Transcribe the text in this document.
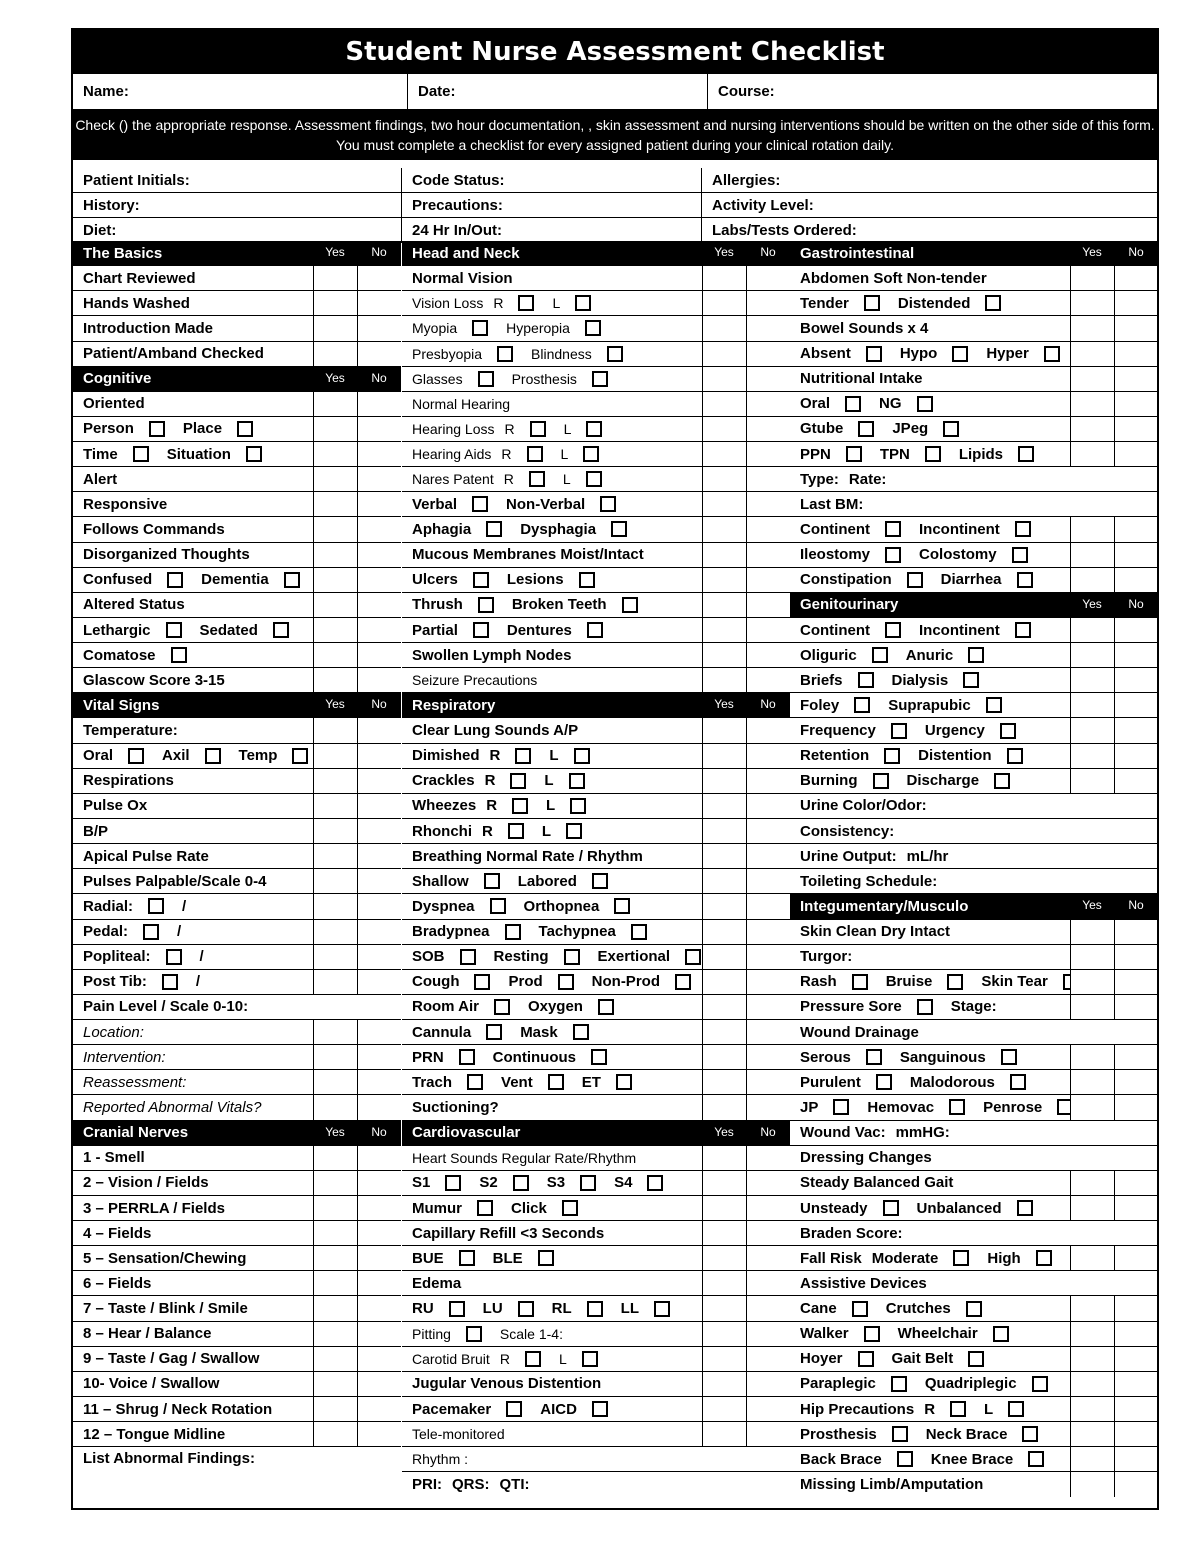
Student Nurse Assessment Checklist
Name:	Date:	Course:
Check () the appropriate response. Assessment findings, two hour documentation, , skin assessment and nursing interventions should be written on the other side of this form. You must complete a checklist for every assigned patient during your clinical rotation daily.
Patient Initials:	Code Status:	Allergies:
History:	Precautions:	Activity Level:
Diet:	24 Hr In/Out:	Labs/Tests Ordered:
The Basics	Yes	No
Chart Reviewed
Hands Washed
Introduction Made
Patient/Amband Checked
Cognitive	Yes	No
Oriented
Person	Place
Time	Situation
Alert
Responsive
Follows Commands
Disorganized Thoughts
Confused	Dementia
Altered Status
Lethargic	Sedated
Comatose
Glascow Score 3-15
Vital Signs	Yes	No
Temperature:
Oral	Axil	Temp
Respirations
Pulse Ox
B/P
Apical Pulse Rate
Pulses Palpable/Scale 0-4
Radial:	/
Pedal:	/
Popliteal:	/
Post Tib:	/
Pain Level / Scale 0-10:
Location:
Intervention:
Reassessment:
Reported Abnormal Vitals?
Cranial Nerves	Yes	No
1 - Smell
2 – Vision / Fields
3 – PERRLA / Fields
4 – Fields
5 – Sensation/Chewing
6 – Fields
7 – Taste / Blink / Smile
8 – Hear / Balance
9 – Taste / Gag / Swallow
10- Voice / Swallow
11 – Shrug / Neck Rotation
12 – Tongue Midline
List Abnormal Findings:
Head and Neck	Yes	No
Normal Vision
Vision Loss R	L
Myopia	Hyperopia
Presbyopia	Blindness
Glasses	Prosthesis
Normal Hearing
Hearing Loss R	L
Hearing Aids R	L
Nares Patent R	L
Verbal	Non-Verbal
Aphagia	Dysphagia
Mucous Membranes Moist/Intact
Ulcers	Lesions
Thrush	Broken Teeth
Partial	Dentures
Swollen Lymph Nodes
Seizure Precautions
Respiratory	Yes	No
Clear Lung Sounds A/P
Dimished R	L
Crackles R	L
Wheezes R	L
Rhonchi R	L
Breathing Normal Rate / Rhythm
Shallow	Labored
Dyspnea	Orthopnea
Bradypnea	Tachypnea
SOB	Resting	Exertional
Cough	Prod	Non-Prod
Room Air	Oxygen
Cannula	Mask
PRN	Continuous
Trach	Vent	ET
Suctioning?
Cardiovascular	Yes	No
Heart Sounds Regular Rate/Rhythm
S1	S2	S3	S4
Mumur	Click
Capillary Refill <3 Seconds
BUE	BLE
Edema
RU	LU	RL	LL
Pitting	Scale 1-4:
Carotid Bruit R	L
Jugular Venous Distention
Pacemaker	AICD
Tele-monitored
Rhythm :
PRI: QRS: QTI:
Gastrointestinal	Yes	No
Abdomen Soft Non-tender
Tender	Distended
Bowel Sounds x 4
Absent	Hypo	Hyper
Nutritional Intake
Oral	NG
Gtube	JPeg
PPN	TPN	Lipids
Type: Rate:
Last BM:
Continent	Incontinent
Ileostomy	Colostomy
Constipation	Diarrhea
Genitourinary	Yes	No
Continent	Incontinent
Oliguric	Anuric
Briefs	Dialysis
Foley	Suprapubic
Frequency	Urgency
Retention	Distention
Burning	Discharge
Urine Color/Odor:
Consistency:
Urine Output: mL/hr
Toileting Schedule:
Integumentary/Musculo	Yes	No
Skin Clean Dry Intact
Turgor:
Rash	Bruise	Skin Tear
Pressure Sore	Stage:
Wound Drainage
Serous	Sanguinous
Purulent	Malodorous
JP	Hemovac	Penrose
Wound Vac: mmHG:
Dressing Changes
Steady Balanced Gait
Unsteady	Unbalanced
Braden Score:
Fall Risk Moderate	High
Assistive Devices
Cane	Crutches
Walker	Wheelchair
Hoyer	Gait Belt
Paraplegic	Quadriplegic
Hip Precautions R	L
Prosthesis	Neck Brace
Back Brace	Knee Brace
Missing Limb/Amputation
